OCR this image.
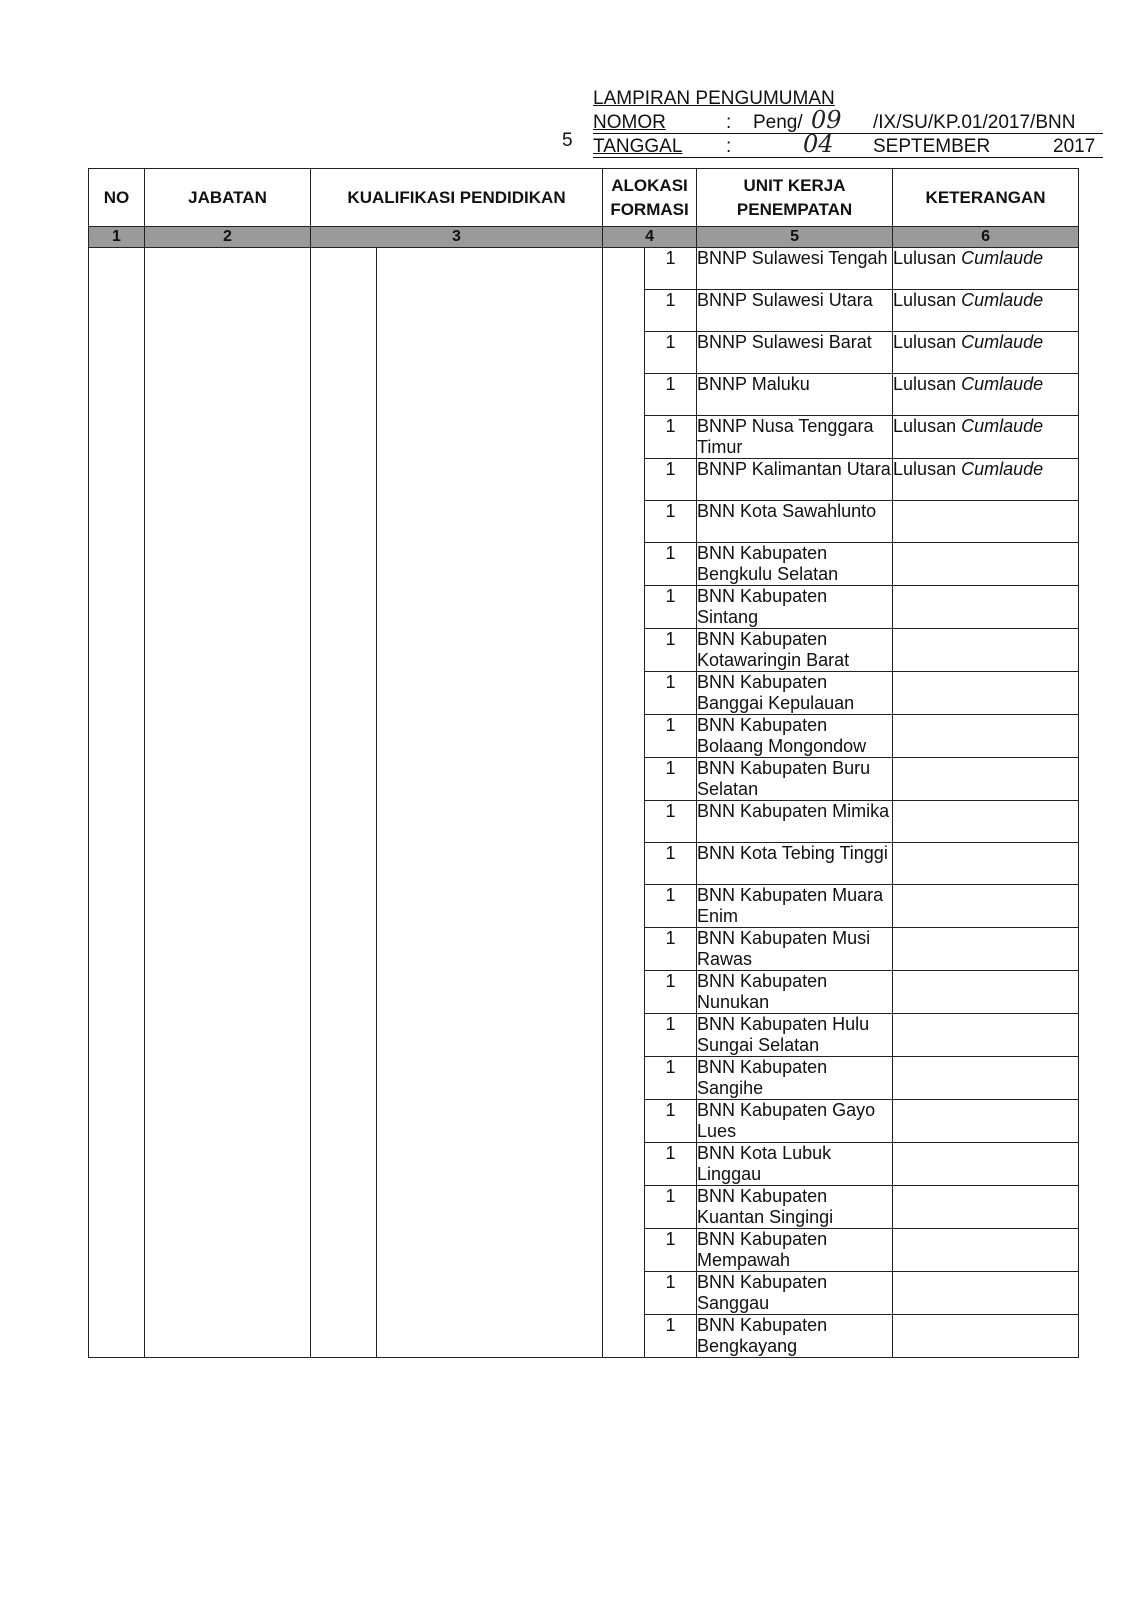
5
LAMPIRAN PENGUMUMAN
NOMOR	: Peng/ 09 /IX/SU/KP.01/2017/BNN
TANGGAL :	04 SEPTEMBER	2017
NO	JABATAN	KUALIFIKASI PENDIDIKAN		ALOKASI FORMASI		UNIT KERJA PENEMPATAN	KETERANGAN
1	2	3		4		5	6
					1	BNNP Sulawesi Tengah	Lulusan Cumlaude
					1	BNNP Sulawesi Utara	Lulusan Cumlaude
					1	BNNP Sulawesi Barat	Lulusan Cumlaude
					1	BNNP Maluku	Lulusan Cumlaude
					1	BNNP Nusa Tenggara Timur	Lulusan Cumlaude
					1	BNNP Kalimantan Utara	Lulusan Cumlaude
					1	BNN Kota Sawahlunto	
					1	BNN Kabupaten Bengkulu Selatan	
					1	BNN Kabupaten Sintang	
					1	BNN Kabupaten Kotawaringin Barat	
					1	BNN Kabupaten Banggai Kepulauan	
					1	BNN Kabupaten Bolaang Mongondow	
					1	BNN Kabupaten Buru Selatan	
					1	BNN Kabupaten Mimika	
					1	BNN Kota Tebing Tinggi	
					1	BNN Kabupaten Muara Enim	
					1	BNN Kabupaten Musi Rawas	
					1	BNN Kabupaten Nunukan	
					1	BNN Kabupaten Hulu Sungai Selatan	
					1	BNN Kabupaten Sangihe	
					1	BNN Kabupaten Gayo Lues	
					1	BNN Kota Lubuk Linggau	
					1	BNN Kabupaten Kuantan Singingi	
					1	BNN Kabupaten Mempawah	
					1	BNN Kabupaten Sanggau	
					1	BNN Kabupaten Bengkayang	
